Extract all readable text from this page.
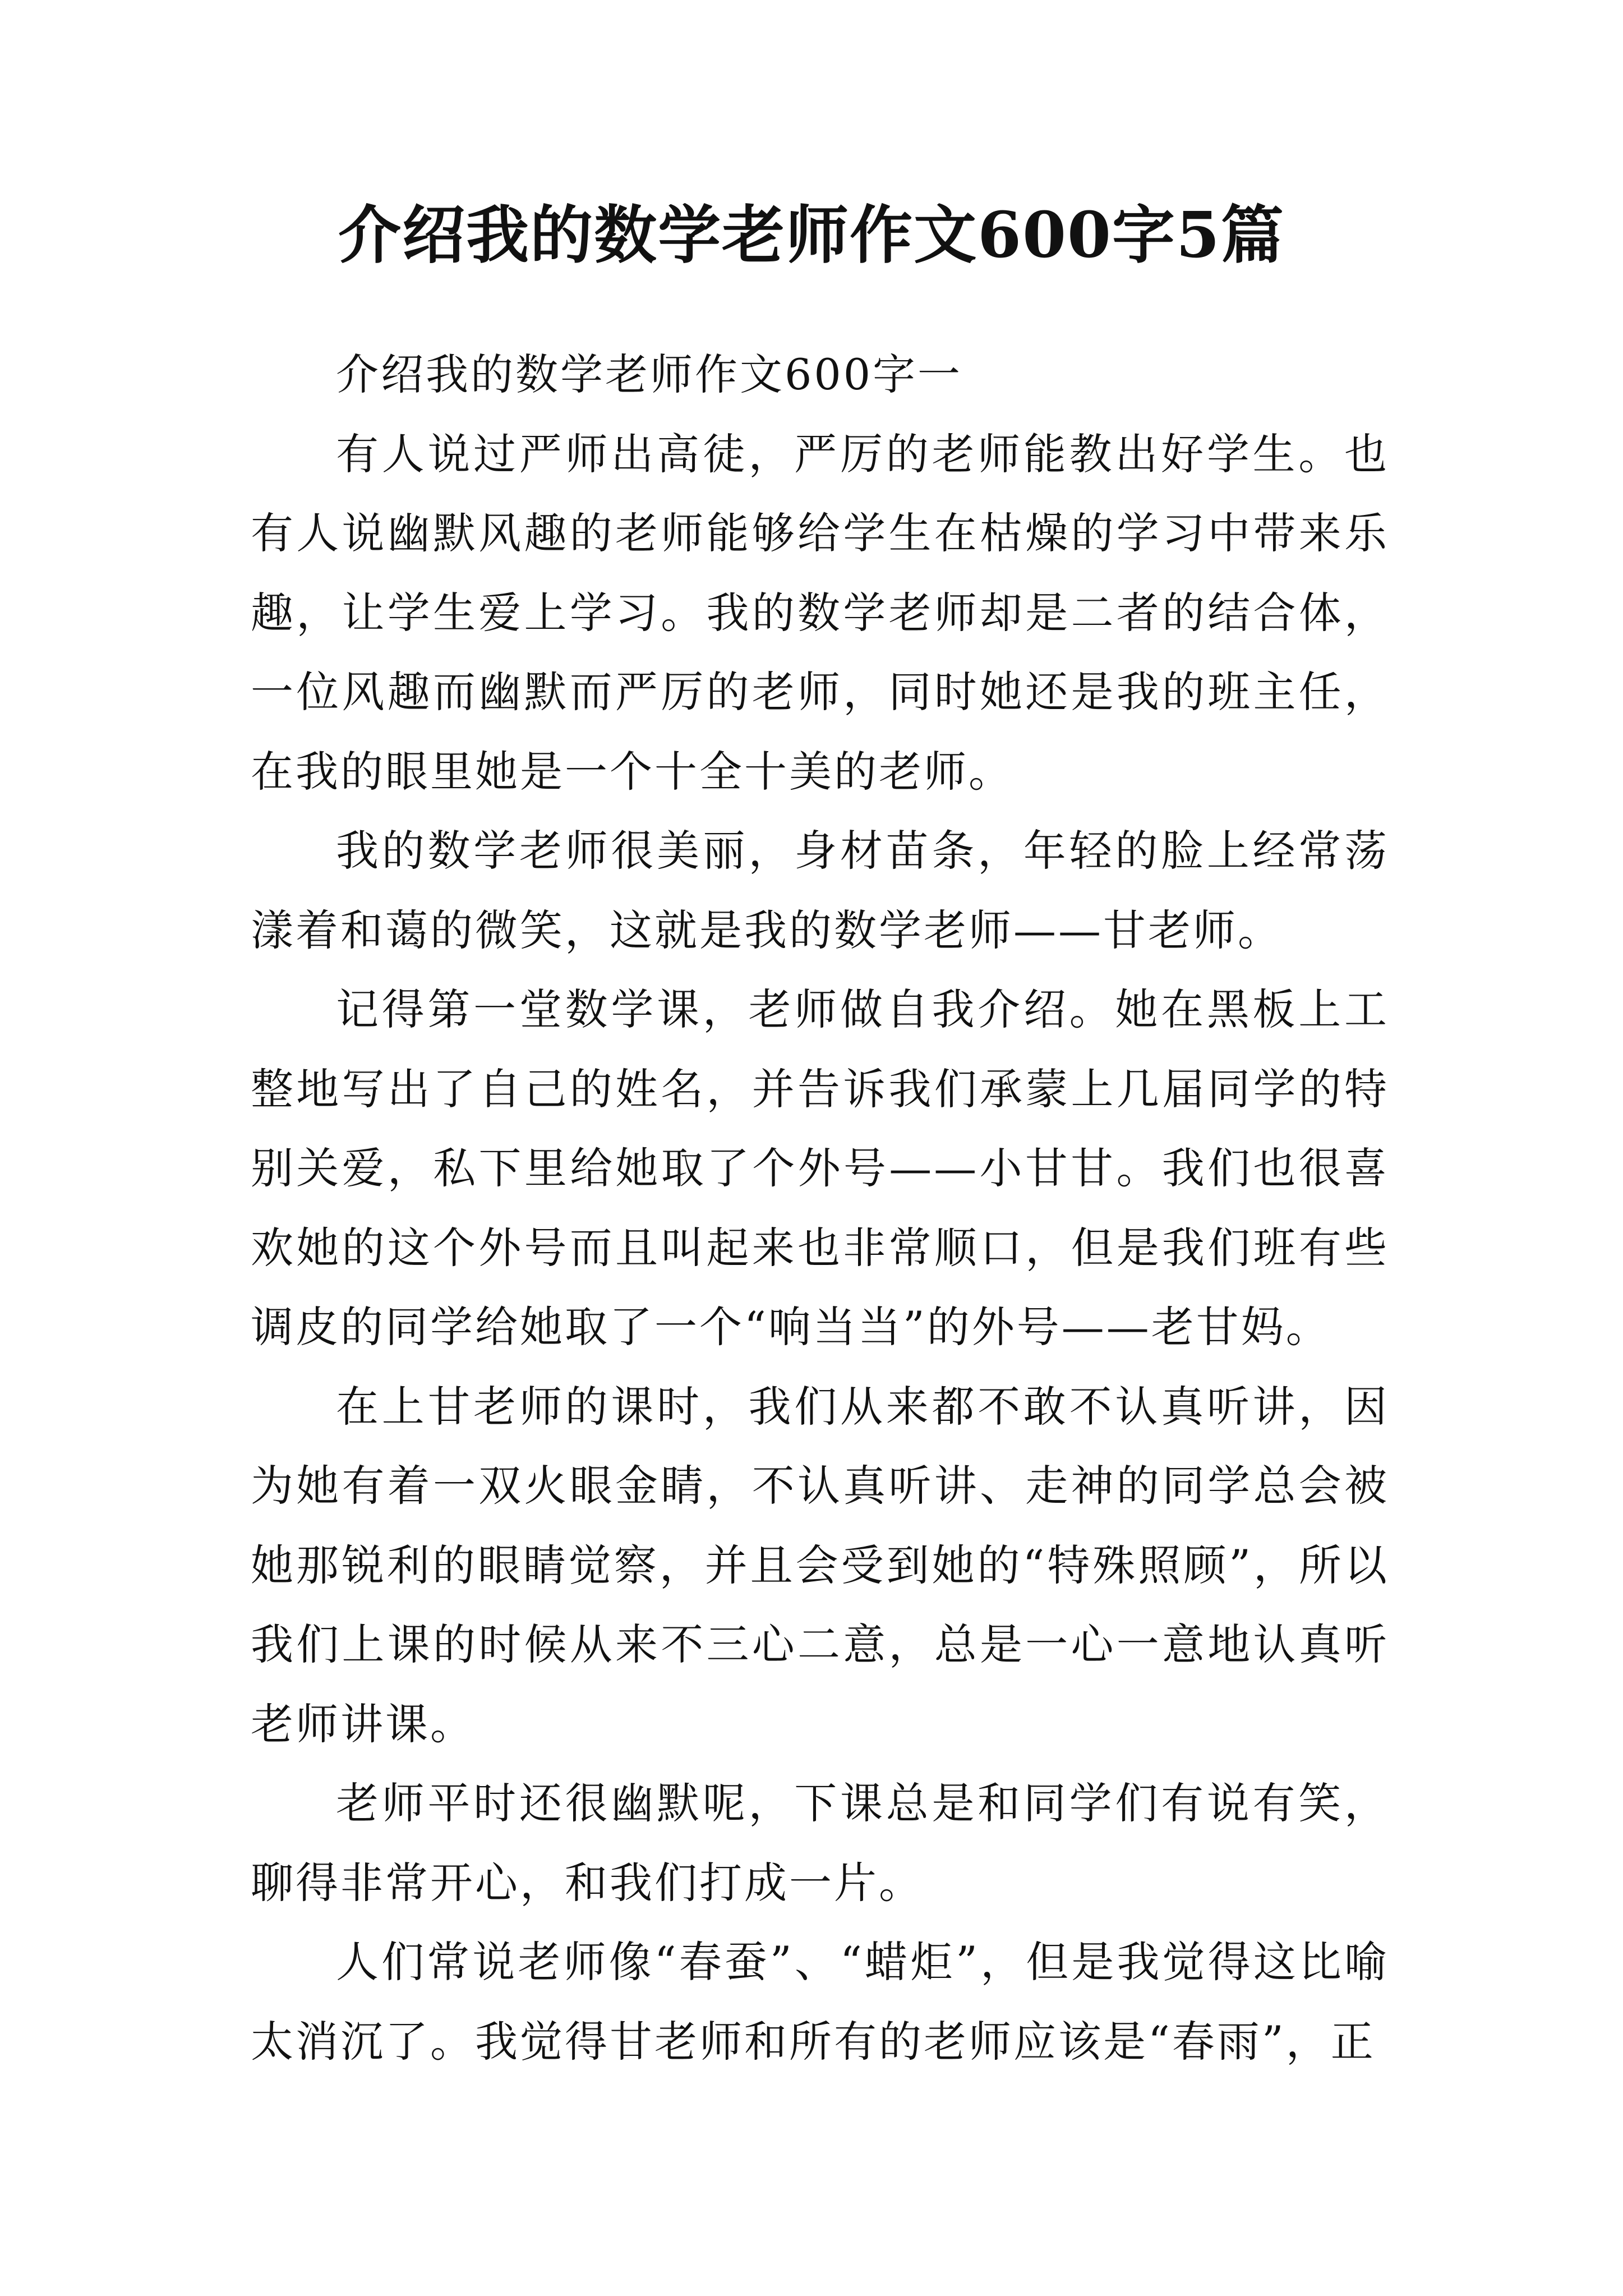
介绍我的数学老师作文600字5篇

介绍我的数学老师作文600字一

有人说过严师出高徒，严厉的老师能教出好学生。也有人说幽默风趣的老师能够给学生在枯燥的学习中带来乐趣，让学生爱上学习。我的数学老师却是二者的结合体，一位风趣而幽默而严厉的老师，同时她还是我的班主任，在我的眼里她是一个十全十美的老师。

我的数学老师很美丽，身材苗条，年轻的脸上经常荡漾着和蔼的微笑，这就是我的数学老师——甘老师。

记得第一堂数学课，老师做自我介绍。她在黑板上工整地写出了自己的姓名，并告诉我们承蒙上几届同学的特别关爱，私下里给她取了个外号——小甘甘。我们也很喜欢她的这个外号而且叫起来也非常顺口，但是我们班有些调皮的同学给她取了一个“响当当”的外号——老甘妈。

在上甘老师的课时，我们从来都不敢不认真听讲，因为她有着一双火眼金睛，不认真听讲、走神的同学总会被她那锐利的眼睛觉察，并且会受到她的“特殊照顾”，所以我们上课的时候从来不三心二意，总是一心一意地认真听老师讲课。

老师平时还很幽默呢，下课总是和同学们有说有笑，聊得非常开心，和我们打成一片。

人们常说老师像“春蚕”、“蜡炬”，但是我觉得这比喻太消沉了。我觉得甘老师和所有的老师应该是“春雨”，正
